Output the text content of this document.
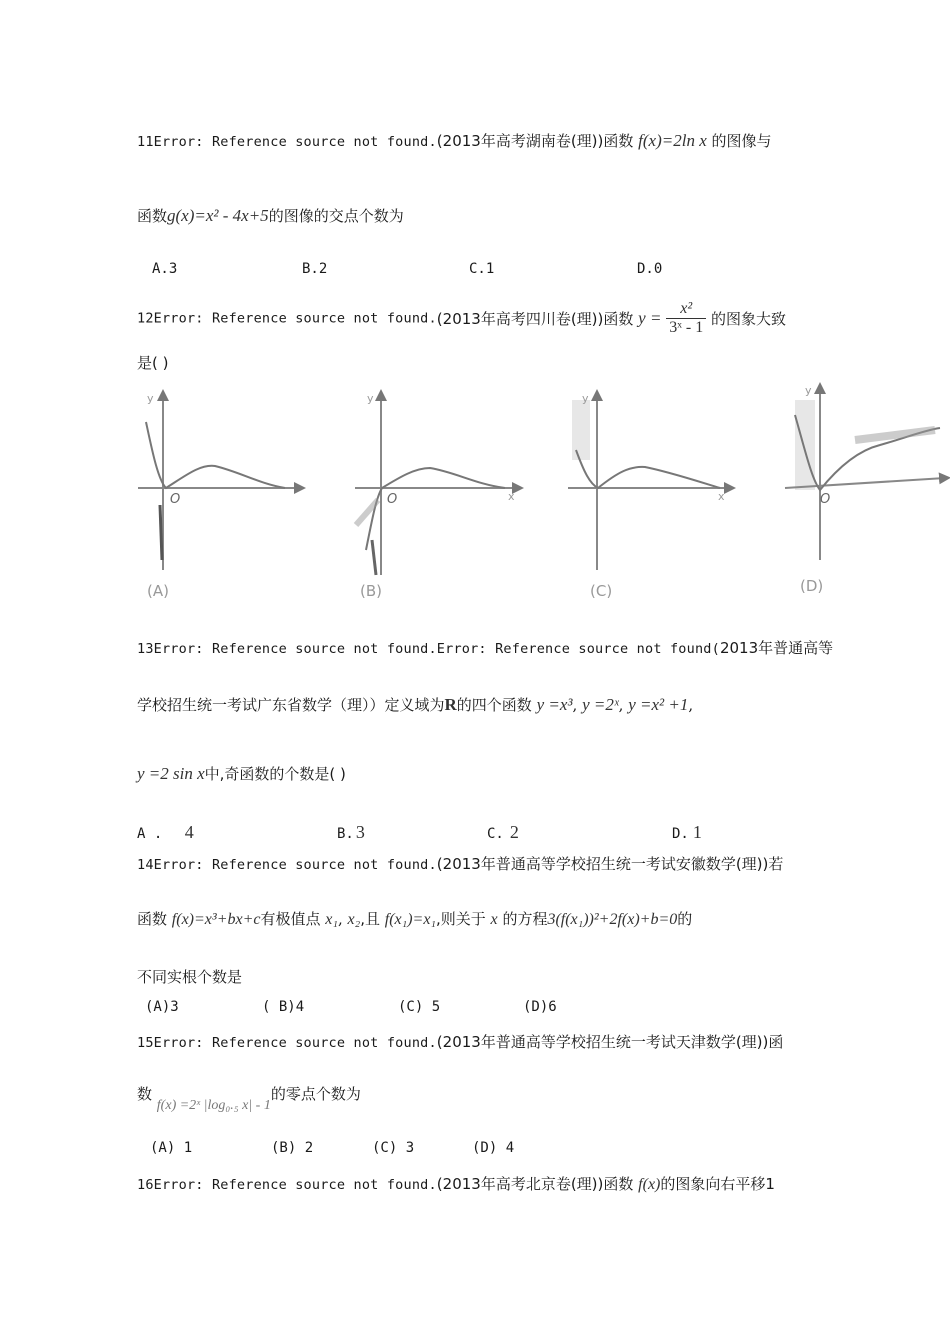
11Error: Reference source not found.(2013年高考湖南卷(理))函数 f(x)=2ln x 的图像与
函数g(x)=x² - 4x+5的图像的交点个数为
A.3	B.2	C.1	D.0
12Error: Reference source not found.(2013年高考四川卷(理))函数 $y = \frac{\text{x²}}{\text{3ˣ - 1}}$ 的图象大致
是( )
O
y
(A)
O
y
x
(B)
y
x
(C)
O
y
(D)
13Error: Reference source not found.Error: Reference source not found(2013年普通高等
学校招生统一考试广东省数学（理））定义域为R的四个函数 y =x³, y =2ˣ, y =x² +1,
y =2 sin x中,奇函数的个数是( )
A . 4	B. 3	C. 2	D. 1
14Error: Reference source not found.(2013年普通高等学校招生统一考试安徽数学(理))若
函数 f(x)=x³+bx+c有极值点 x₁, x₂,且 f(x₁)=x₁,则关于 x 的方程3(f(x₁))²+2f(x)+b=0的
不同实根个数是
(A)3	( B)4	(C) 5	(D)6
15Error: Reference source not found.(2013年普通高等学校招生统一考试天津数学(理))函
数 f(x) =2ˣ |log₀.₅ x| - 1的零点个数为
(A) 1	(B) 2	(C) 3	(D) 4
16Error: Reference source not found.(2013年高考北京卷(理))函数 f(x)的图象向右平移1
